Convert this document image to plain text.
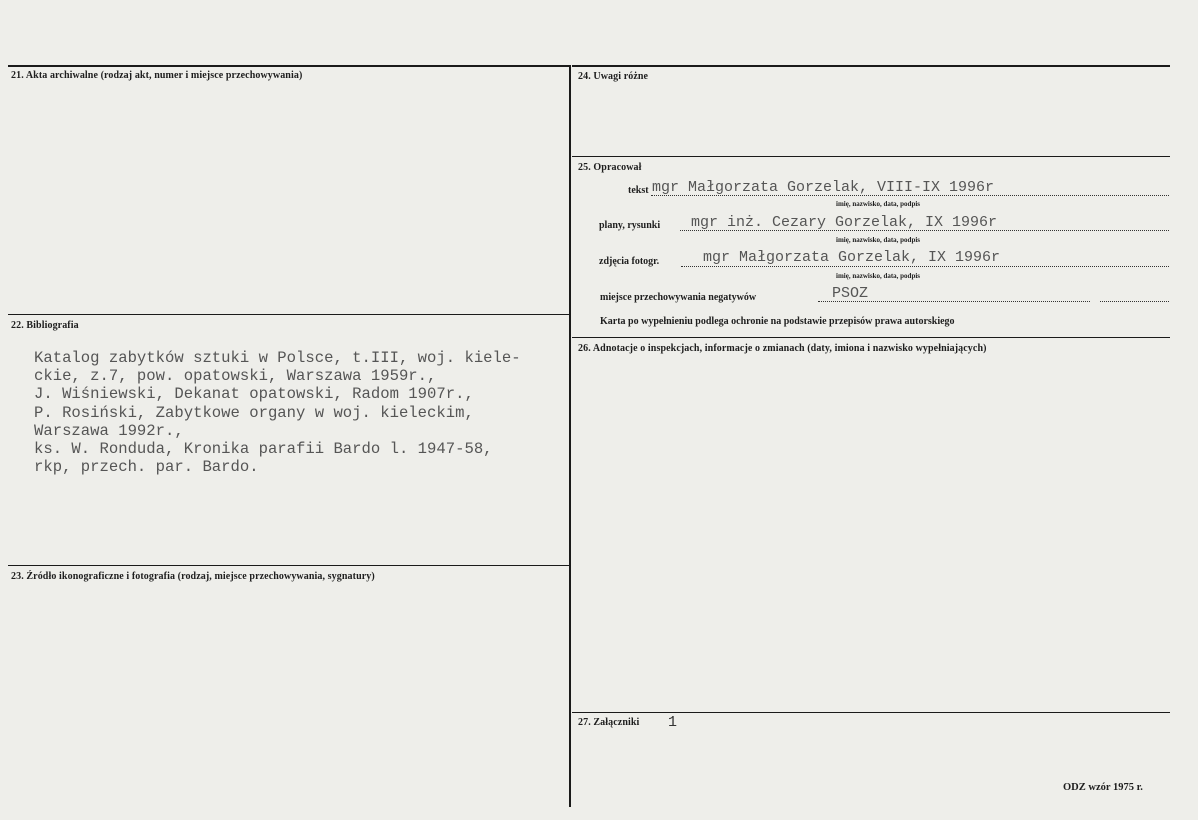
21. Akta archiwalne (rodzaj akt, numer i miejsce przechowywania)
22. Bibliografia
Katalog zabytków sztuki w Polsce, t.III, woj. kiele-
ckie, z.7, pow. opatowski, Warszawa 1959r.,
J. Wiśniewski, Dekanat opatowski, Radom 1907r.,
P. Rosiński, Zabytkowe organy w woj. kieleckim,
Warszawa 1992r.,
ks. W. Ronduda, Kronika parafii Bardo l. 1947-58,
rkp, przech. par. Bardo.
23. Źródło ikonograficzne i fotografia (rodzaj, miejsce przechowywania, sygnatury)
24. Uwagi różne
25. Opracował
tekst mgr Małgorzata Gorzelak, VIII-IX 1996r
imię, nazwisko, data, podpis
plany, rysunki mgr inż. Cezary Gorzelak, IX 1996r
imię, nazwisko, data, podpis
zdjęcia fotogr.	mgr Małgorzata Gorzelak, IX 1996r
imię, nazwisko, data, podpis
miejsce przechowywania negatywów	PSOZ
Karta po wypełnieniu podlega ochronie na podstawie przepisów prawa autorskiego
26. Adnotacje o inspekcjach, informacje o zmianach (daty, imiona i nazwisko wypełniających)
27. Załączniki 1
ODZ wzór 1975 r.
